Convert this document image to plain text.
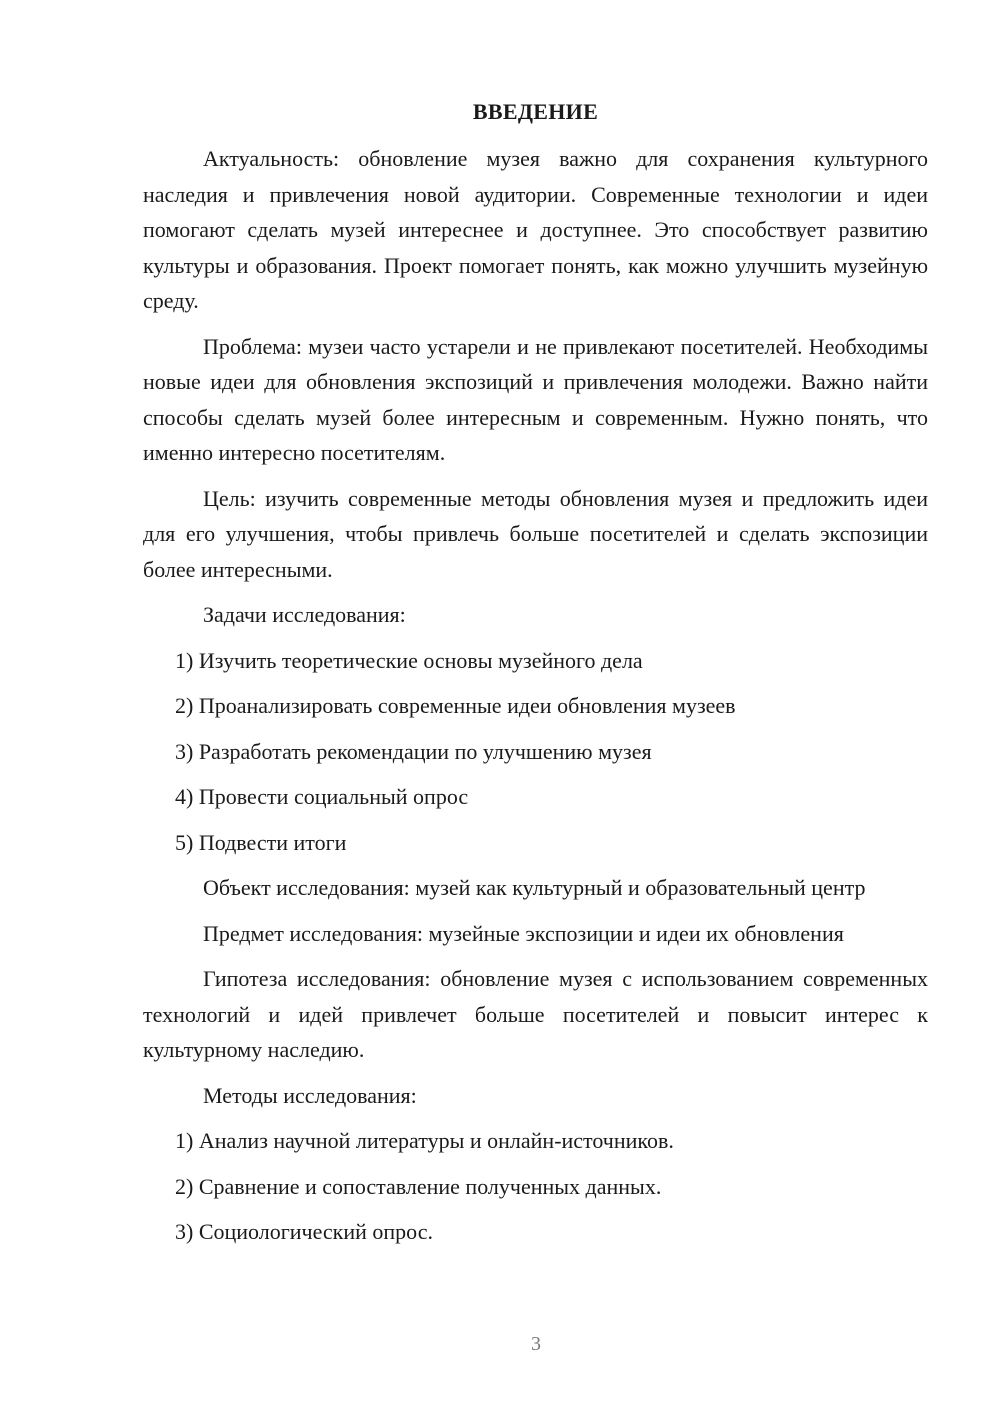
ВВЕДЕНИЕ

Актуальность: обновление музея важно для сохранения культурного наследия и привлечения новой аудитории. Современные технологии и идеи помогают сделать музей интереснее и доступнее. Это способствует развитию культуры и образования. Проект помогает понять, как можно улучшить музейную среду.

Проблема: музеи часто устарели и не привлекают посетителей. Необходимы новые идеи для обновления экспозиций и привлечения молодежи. Важно найти способы сделать музей более интересным и современным. Нужно понять, что именно интересно посетителям.

Цель: изучить современные методы обновления музея и предложить идеи для его улучшения, чтобы привлечь больше посетителей и сделать экспозиции более интересными.

Задачи исследования:

1) Изучить теоретические основы музейного дела
2) Проанализировать современные идеи обновления музеев
3) Разработать рекомендации по улучшению музея
4) Провести социальный опрос
5) Подвести итоги

Объект исследования: музей как культурный и образовательный центр

Предмет исследования: музейные экспозиции и идеи их обновления

Гипотеза исследования: обновление музея с использованием современных технологий и идей привлечет больше посетителей и повысит интерес к культурному наследию.

Методы исследования:

1) Анализ научной литературы и онлайн-источников.
2) Сравнение и сопоставление полученных данных.
3) Социологический опрос.
3
